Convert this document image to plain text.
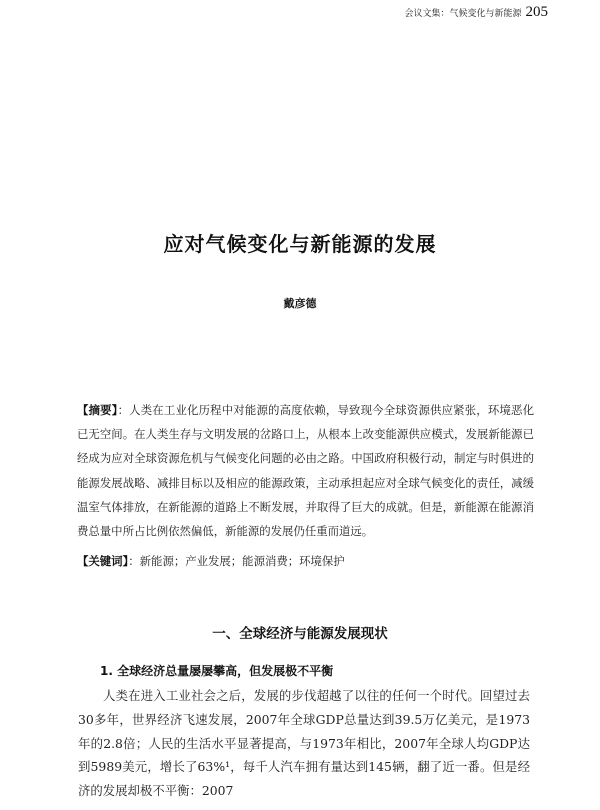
会议文集：气候变化与新能源 205
应对气候变化与新能源的发展
戴彦德
【摘要】：人类在工业化历程中对能源的高度依赖，导致现今全球资源供应紧张，环境恶化已无空间。在人类生存与文明发展的岔路口上，从根本上改变能源供应模式，发展新能源已经成为应对全球资源危机与气候变化问题的必由之路。中国政府积极行动，制定与时俱进的能源发展战略、减排目标以及相应的能源政策，主动承担起应对全球气候变化的责任，减缓温室气体排放，在新能源的道路上不断发展，并取得了巨大的成就。但是，新能源在能源消费总量中所占比例依然偏低，新能源的发展仍任重而道远。
【关键词】：新能源；产业发展；能源消费；环境保护
一、全球经济与能源发展现状
1. 全球经济总量屡屡攀高，但发展极不平衡
人类在进入工业社会之后，发展的步伐超越了以往的任何一个时代。回望过去30多年，世界经济飞速发展，2007年全球GDP总量达到39.5万亿美元，是1973年的2.8倍；人民的生活水平显著提高，与1973年相比，2007年全球人均GDP达到5989美元，增长了63%¹，每千人汽车拥有量达到145辆，翻了近一番。但是经济的发展却极不平衡：2007
